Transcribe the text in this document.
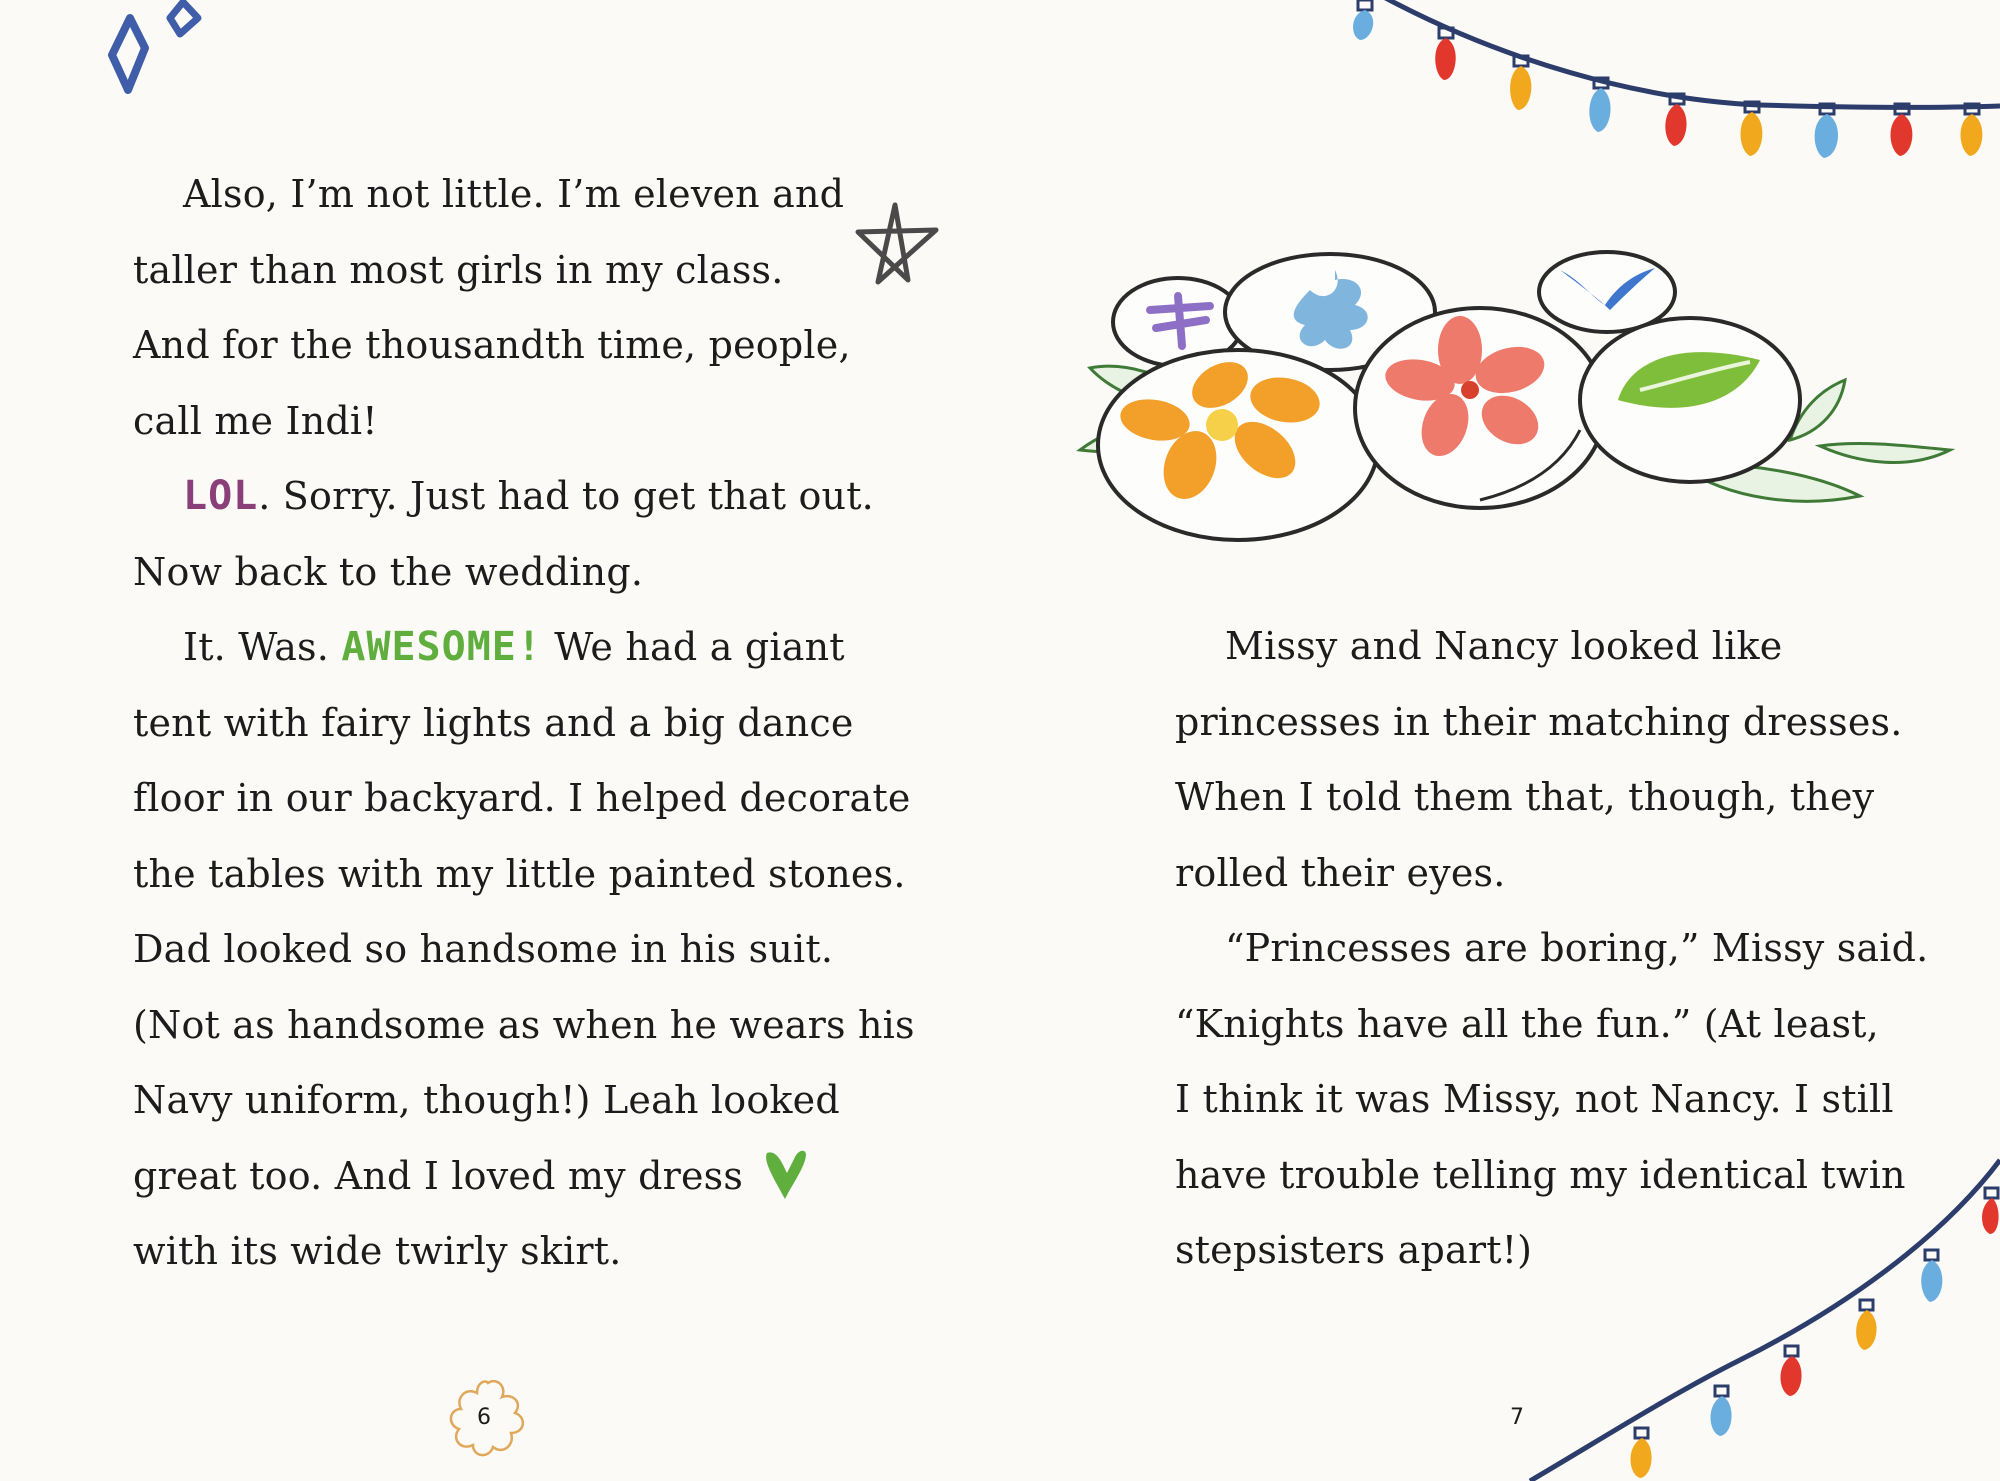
Also, I’m not little. I’m eleven and
taller than most girls in my class.
And for the thousandth time, people,
call me Indi!
LOL. Sorry. Just had to get that out.
Now back to the wedding.
It. Was. AWESOME! We had a giant
tent with fairy lights and a big dance
floor in our backyard. I helped decorate
the tables with my little painted stones.
Dad looked so handsome in his suit.
(Not as handsome as when he wears his
Navy uniform, though!) Leah looked
great too. And I loved my dress
with its wide twirly skirt.
6
Missy and Nancy looked like
princesses in their matching dresses.
When I told them that, though, they
rolled their eyes.
“Princesses are boring,” Missy said.
“Knights have all the fun.” (At least,
I think it was Missy, not Nancy. I still
have trouble telling my identical twin
stepsisters apart!)
7
